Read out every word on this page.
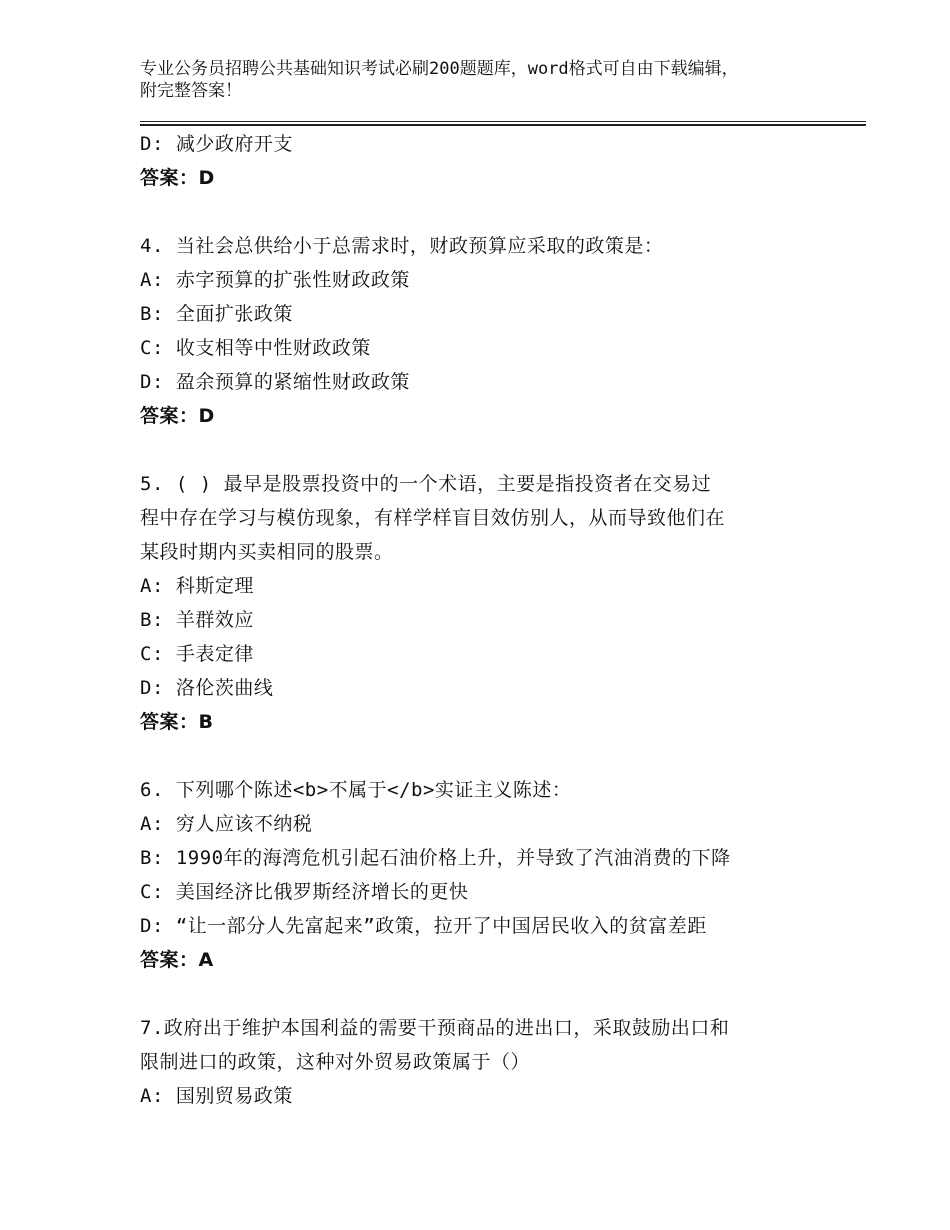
专业公务员招聘公共基础知识考试必刷200题题库，word格式可自由下载编辑，
附完整答案！
D: 减少政府开支
答案：D
4. 当社会总供给小于总需求时，财政预算应采取的政策是：
A: 赤字预算的扩张性财政政策
B: 全面扩张政策
C: 收支相等中性财政政策
D: 盈余预算的紧缩性财政政策
答案：D
5. ( ) 最早是股票投资中的一个术语，主要是指投资者在交易过
程中存在学习与模仿现象，有样学样盲目效仿别人，从而导致他们在
某段时期内买卖相同的股票。
A: 科斯定理
B: 羊群效应
C: 手表定律
D: 洛伦茨曲线
答案：B
6. 下列哪个陈述<b>不属于</b>实证主义陈述：
A: 穷人应该不纳税
B: 1990年的海湾危机引起石油价格上升，并导致了汽油消费的下降
C: 美国经济比俄罗斯经济增长的更快
D: “让一部分人先富起来”政策，拉开了中国居民收入的贫富差距
答案：A
7.政府出于维护本国利益的需要干预商品的进出口，采取鼓励出口和
限制进口的政策，这种对外贸易政策属于（）
A: 国别贸易政策
